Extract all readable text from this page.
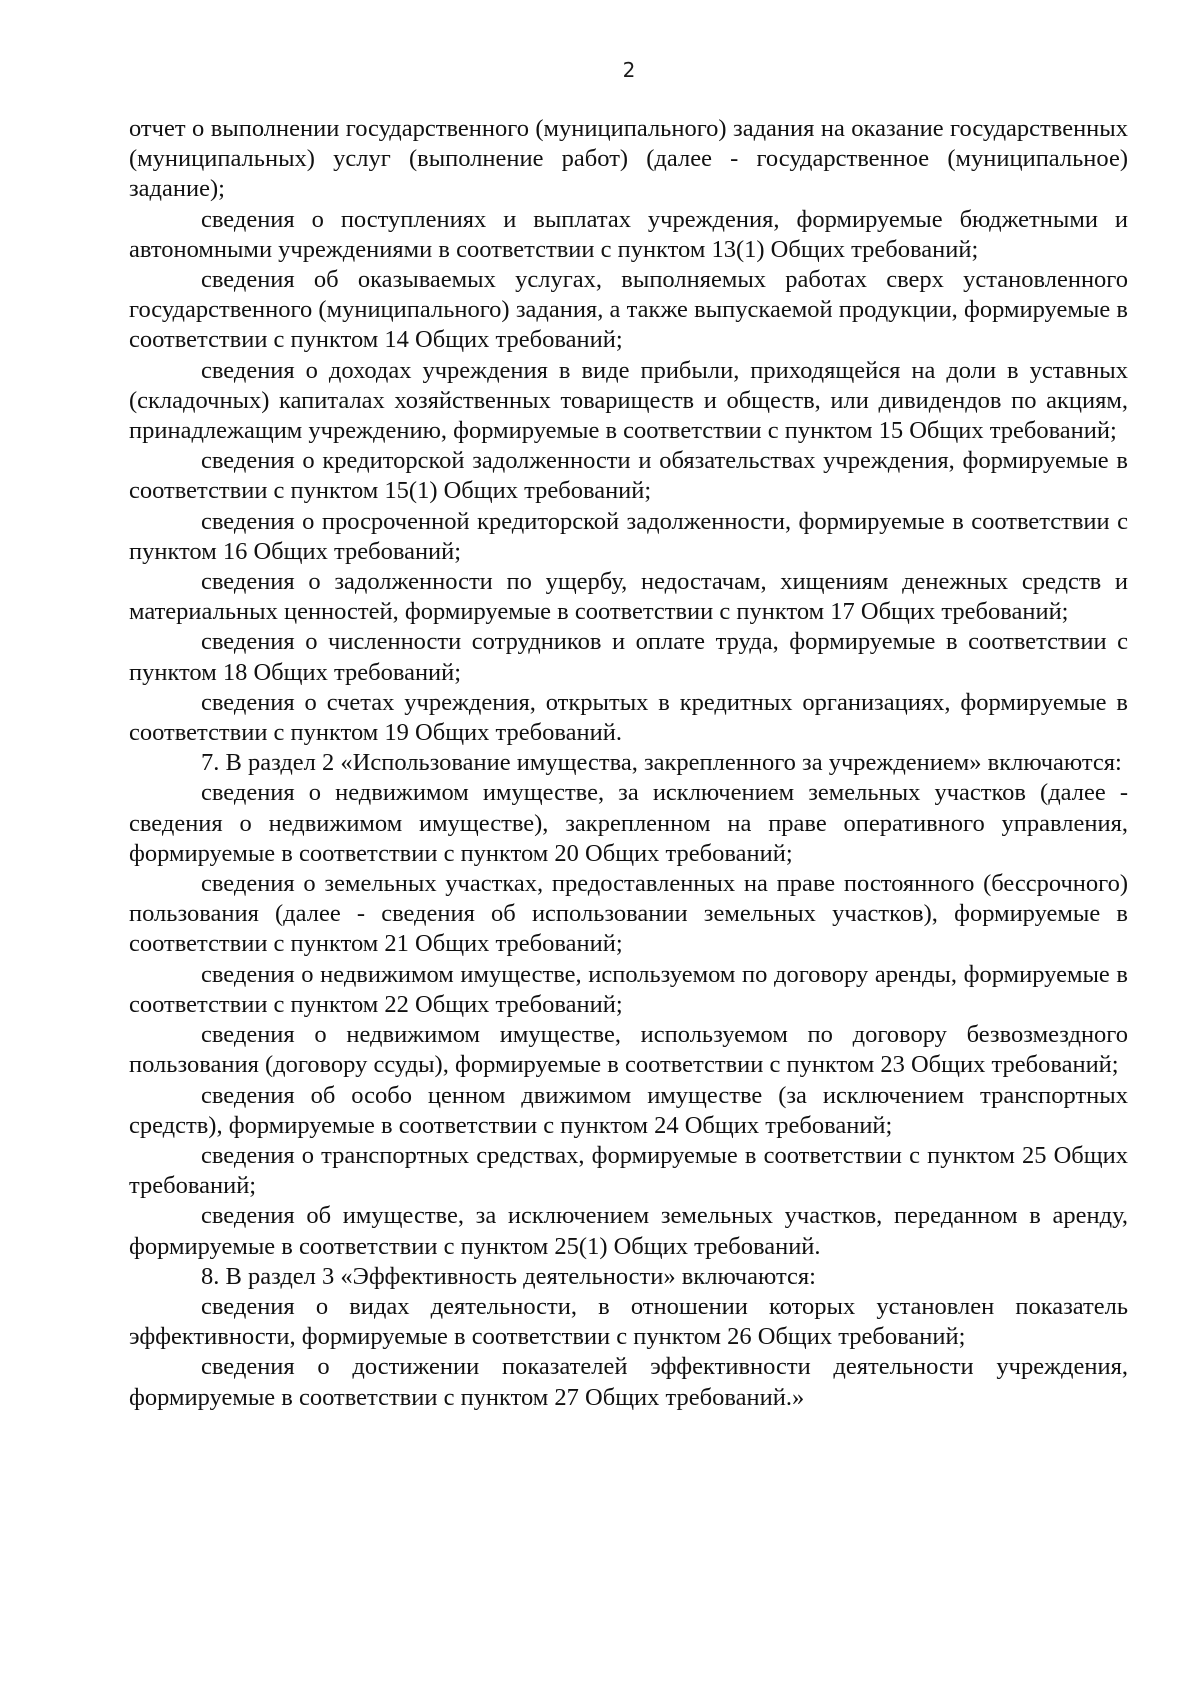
2

отчет о выполнении государственного (муниципального) задания на оказание государственных (муниципальных) услуг (выполнение работ) (далее - государственное (муниципальное) задание);

сведения о поступлениях и выплатах учреждения, формируемые бюджетными и автономными учреждениями в соответствии с пунктом 13(1) Общих требований;

сведения об оказываемых услугах, выполняемых работах сверх установленного государственного (муниципального) задания, а также выпускаемой продукции, формируемые в соответствии с пунктом 14 Общих требований;

сведения о доходах учреждения в виде прибыли, приходящейся на доли в уставных (складочных) капиталах хозяйственных товариществ и обществ, или дивидендов по акциям, принадлежащим учреждению, формируемые в соответствии с пунктом 15 Общих требований;

сведения о кредиторской задолженности и обязательствах учреждения, формируемые в соответствии с пунктом 15(1) Общих требований;

сведения о просроченной кредиторской задолженности, формируемые в соответствии с пунктом 16 Общих требований;

сведения о задолженности по ущербу, недостачам, хищениям денежных средств и материальных ценностей, формируемые в соответствии с пунктом 17 Общих требований;

сведения о численности сотрудников и оплате труда, формируемые в соответствии с пунктом 18 Общих требований;

сведения о счетах учреждения, открытых в кредитных организациях, формируемые в соответствии с пунктом 19 Общих требований.

7. В раздел 2 «Использование имущества, закрепленного за учреждением» включаются:

сведения о недвижимом имуществе, за исключением земельных участков (далее - сведения о недвижимом имуществе), закрепленном на праве оперативного управления, формируемые в соответствии с пунктом 20 Общих требований;

сведения о земельных участках, предоставленных на праве постоянного (бессрочного) пользования (далее - сведения об использовании земельных участков), формируемые в соответствии с пунктом 21 Общих требований;

сведения о недвижимом имуществе, используемом по договору аренды, формируемые в соответствии с пунктом 22 Общих требований;

сведения о недвижимом имуществе, используемом по договору безвозмездного пользования (договору ссуды), формируемые в соответствии с пунктом 23 Общих требований;

сведения об особо ценном движимом имуществе (за исключением транспортных средств), формируемые в соответствии с пунктом 24 Общих требований;

сведения о транспортных средствах, формируемые в соответствии с пунктом 25 Общих требований;

сведения об имуществе, за исключением земельных участков, переданном в аренду, формируемые в соответствии с пунктом 25(1) Общих требований.

8. В раздел 3 «Эффективность деятельности» включаются:

сведения о видах деятельности, в отношении которых установлен показатель эффективности, формируемые в соответствии с пунктом 26 Общих требований;

сведения о достижении показателей эффективности деятельности учреждения, формируемые в соответствии с пунктом 27 Общих требований.»
